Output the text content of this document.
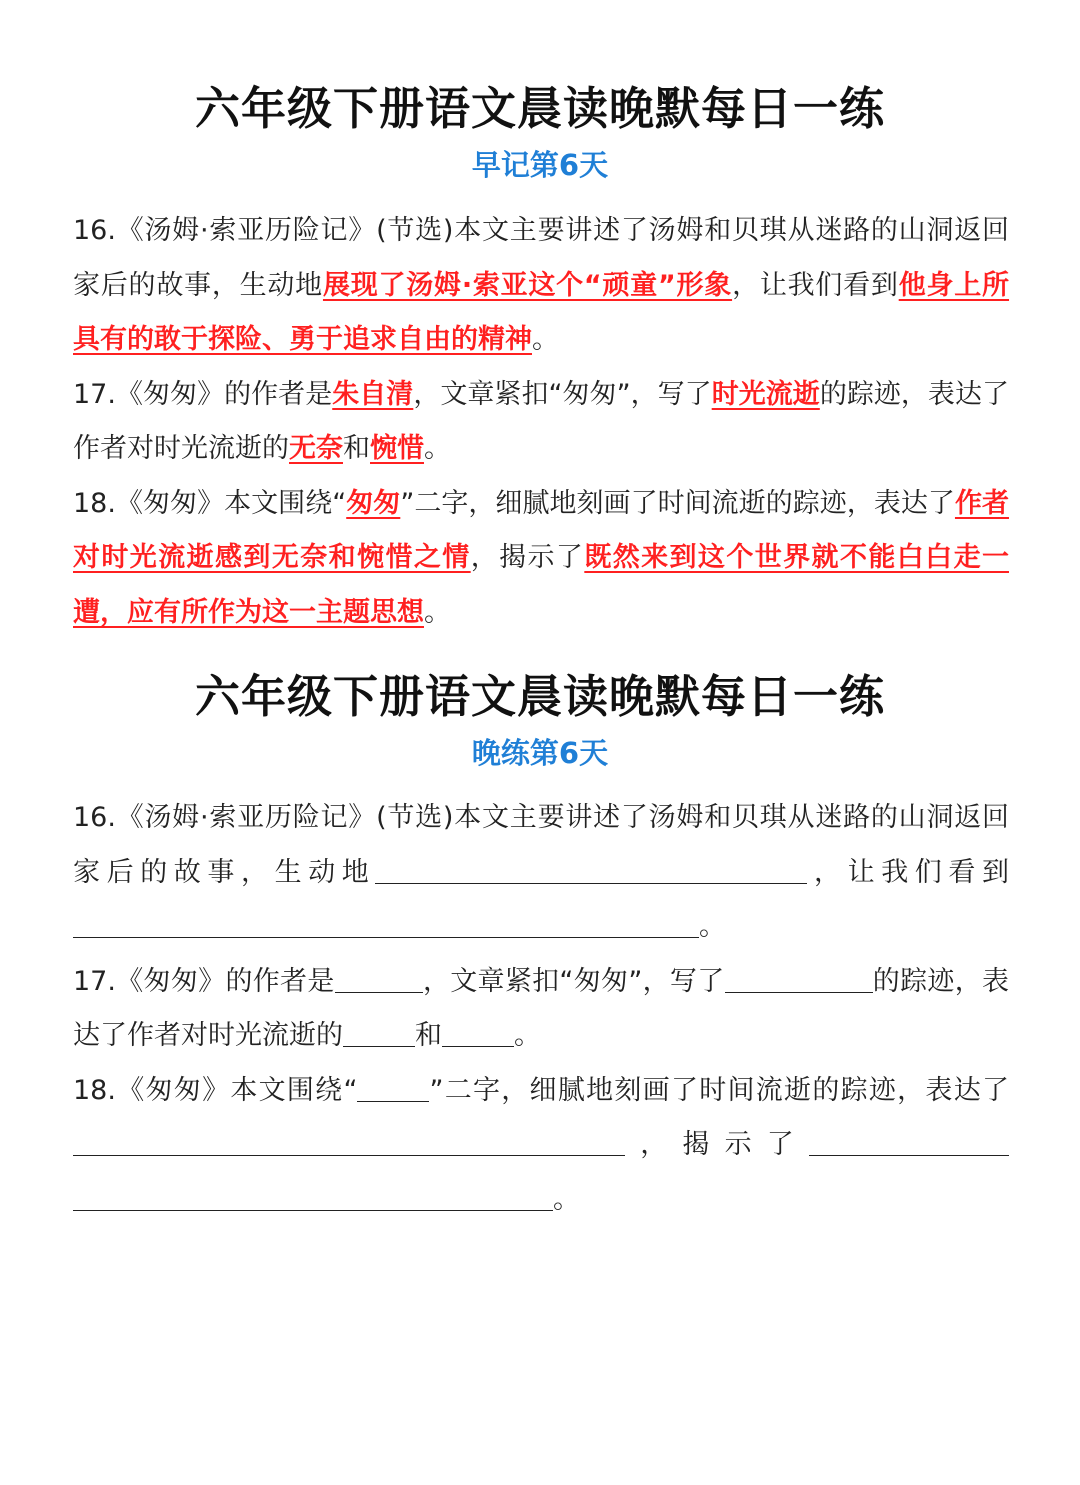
六年级下册语文晨读晚默每日一练
早记第6天

16.《汤姆·索亚历险记》(节选)本文主要讲述了汤姆和贝琪从迷路的山洞返回家后的故事，生动地展现了汤姆·索亚这个“顽童”形象，让我们看到他身上所具有的敢于探险、勇于追求自由的精神。

17.《匆匆》的作者是朱自清，文章紧扣“匆匆”，写了时光流逝的踪迹，表达了作者对时光流逝的无奈和惋惜。

18.《匆匆》本文围绕“匆匆”二字，细腻地刻画了时间流逝的踪迹，表达了作者对时光流逝感到无奈和惋惜之情，揭示了既然来到这个世界就不能白白走一遭，应有所作为这一主题思想。

六年级下册语文晨读晚默每日一练
晚练第6天

16.《汤姆·索亚历险记》(节选)本文主要讲述了汤姆和贝琪从迷路的山洞返回家后的故事，生动地	，让我们看到。

17.《匆匆》的作者是	，文章紧扣“匆匆”，写了	的踪迹，表达了作者对时光流逝的	和	。

18.《匆匆》本文围绕“	”二字，细腻地刻画了时间流逝的踪迹，表达了，揭示了。
